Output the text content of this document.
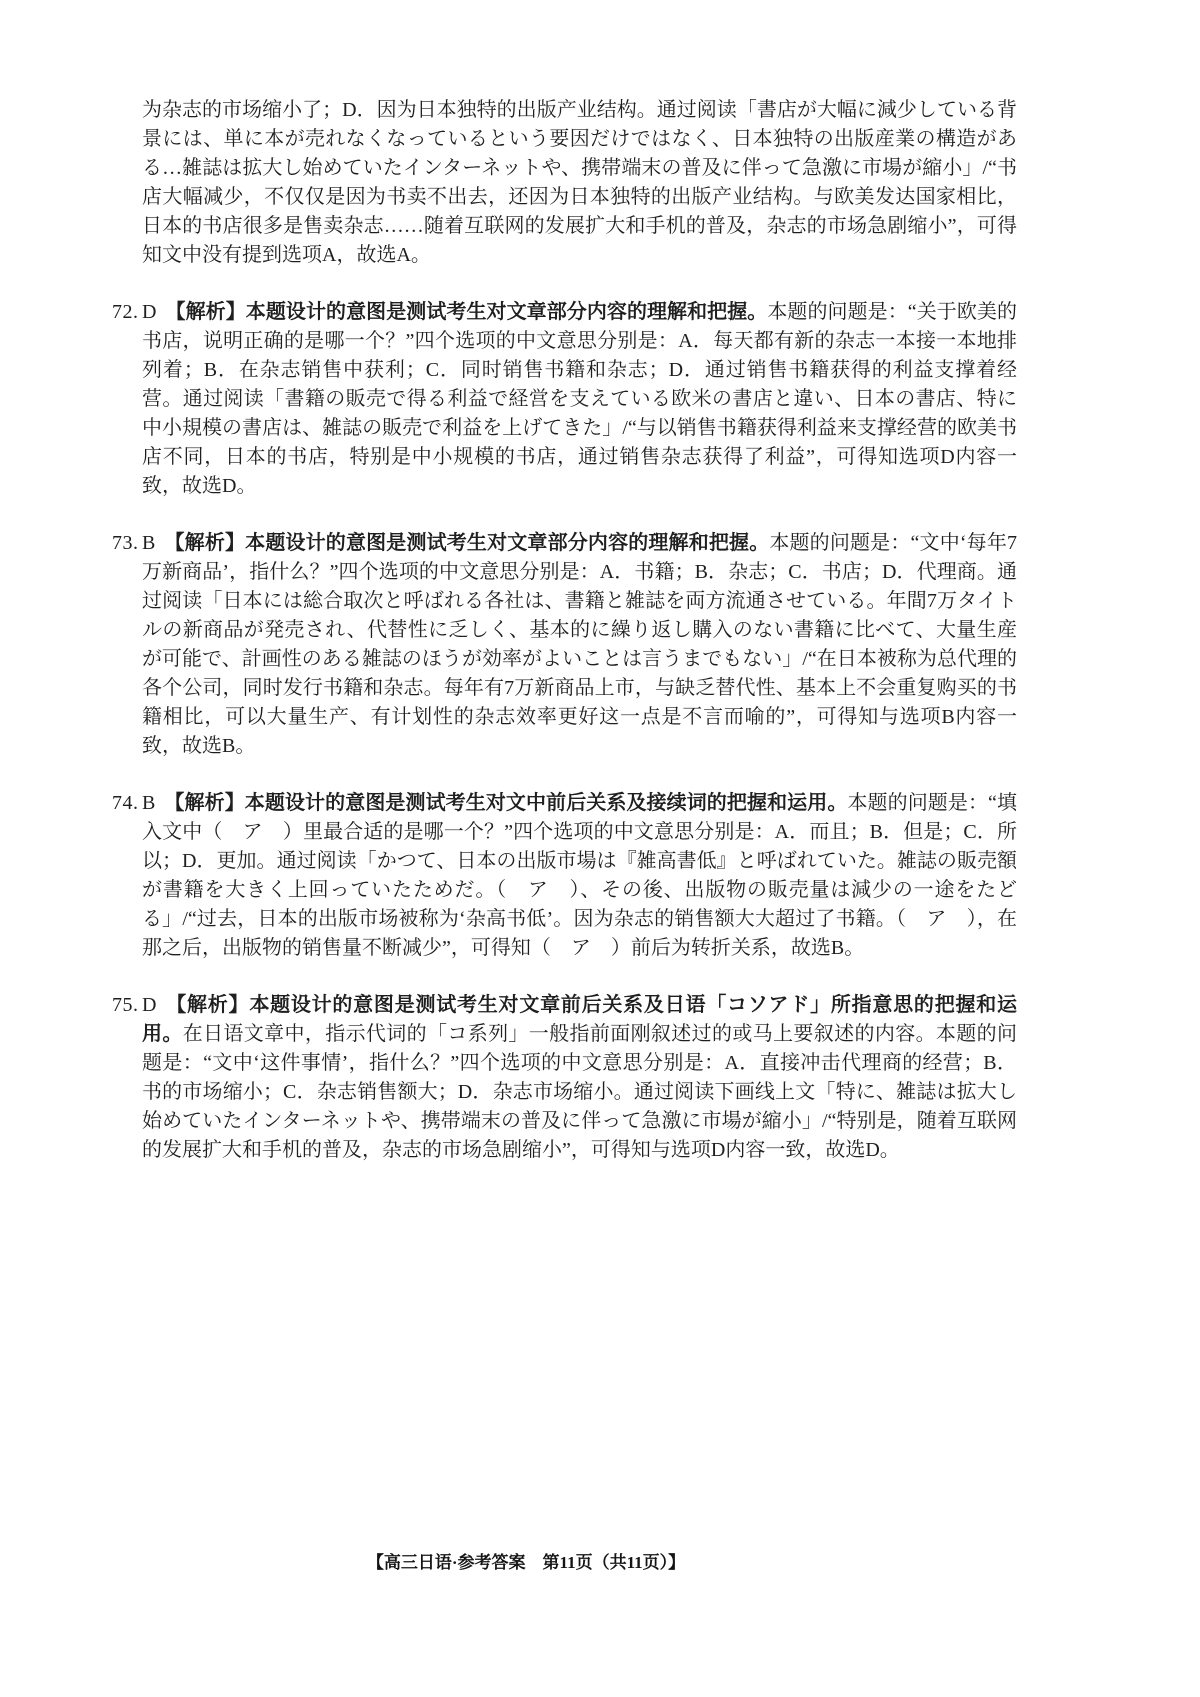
为杂志的市场缩小了；D．因为日本独特的出版产业结构。通过阅读「書店が大幅に減少している背景には、単に本が売れなくなっているという要因だけではなく、日本独特の出版産業の構造がある…雑誌は拡大し始めていたインターネットや、携帯端末の普及に伴って急激に市場が縮小」/“书店大幅减少，不仅仅是因为书卖不出去，还因为日本独特的出版产业结构。与欧美发达国家相比，日本的书店很多是售卖杂志……随着互联网的发展扩大和手机的普及，杂志的市场急剧缩小”，可得知文中没有提到选项A，故选A。

72. D 【解析】本题设计的意图是测试考生对文章部分内容的理解和把握。本题的问题是：“关于欧美的书店，说明正确的是哪一个？”四个选项的中文意思分别是：A．每天都有新的杂志一本接一本地排列着；B．在杂志销售中获利；C．同时销售书籍和杂志；D．通过销售书籍获得的利益支撑着经营。通过阅读「書籍の販売で得る利益で経営を支えている欧米の書店と違い、日本の書店、特に中小規模の書店は、雑誌の販売で利益を上げてきた」/“与以销售书籍获得利益来支撑经营的欧美书店不同，日本的书店，特别是中小规模的书店，通过销售杂志获得了利益”，可得知选项D内容一致，故选D。

73. B 【解析】本题设计的意图是测试考生对文章部分内容的理解和把握。本题的问题是：“文中‘每年7万新商品’，指什么？”四个选项的中文意思分别是：A．书籍；B．杂志；C．书店；D．代理商。通过阅读「日本には総合取次と呼ばれる各社は、書籍と雑誌を両方流通させている。年間7万タイトルの新商品が発売され、代替性に乏しく、基本的に繰り返し購入のない書籍に比べて、大量生産が可能で、計画性のある雑誌のほうが効率がよいことは言うまでもない」/“在日本被称为总代理的各个公司，同时发行书籍和杂志。每年有7万新商品上市，与缺乏替代性、基本上不会重复购买的书籍相比，可以大量生产、有计划性的杂志效率更好这一点是不言而喻的”，可得知与选项B内容一致，故选B。

74. B 【解析】本题设计的意图是测试考生对文中前后关系及接续词的把握和运用。本题的问题是：“填入文中（　ア　）里最合适的是哪一个？”四个选项的中文意思分别是：A．而且；B．但是；C．所以；D．更加。通过阅读「かつて、日本の出版市場は『雑高書低』と呼ばれていた。雑誌の販売額が書籍を大きく上回っていたためだ。（　ア　）、その後、出版物の販売量は減少の一途をたどる」/“过去，日本的出版市场被称为‘杂高书低’。因为杂志的销售额大大超过了书籍。（　ア　），在那之后，出版物的销售量不断减少”，可得知（　ア　）前后为转折关系，故选B。

75. D 【解析】本题设计的意图是测试考生对文章前后关系及日语「コソアド」所指意思的把握和运用。在日语文章中，指示代词的「コ系列」一般指前面刚叙述过的或马上要叙述的内容。本题的问题是：“文中‘这件事情’，指什么？”四个选项的中文意思分别是：A．直接冲击代理商的经营；B．书的市场缩小；C．杂志销售额大；D．杂志市场缩小。通过阅读下画线上文「特に、雑誌は拡大し始めていたインターネットや、携帯端末の普及に伴って急激に市場が縮小」/“特别是，随着互联网的发展扩大和手机的普及，杂志的市场急剧缩小”，可得知与选项D内容一致，故选D。

【高三日语·参考答案　第11页（共11页）】
